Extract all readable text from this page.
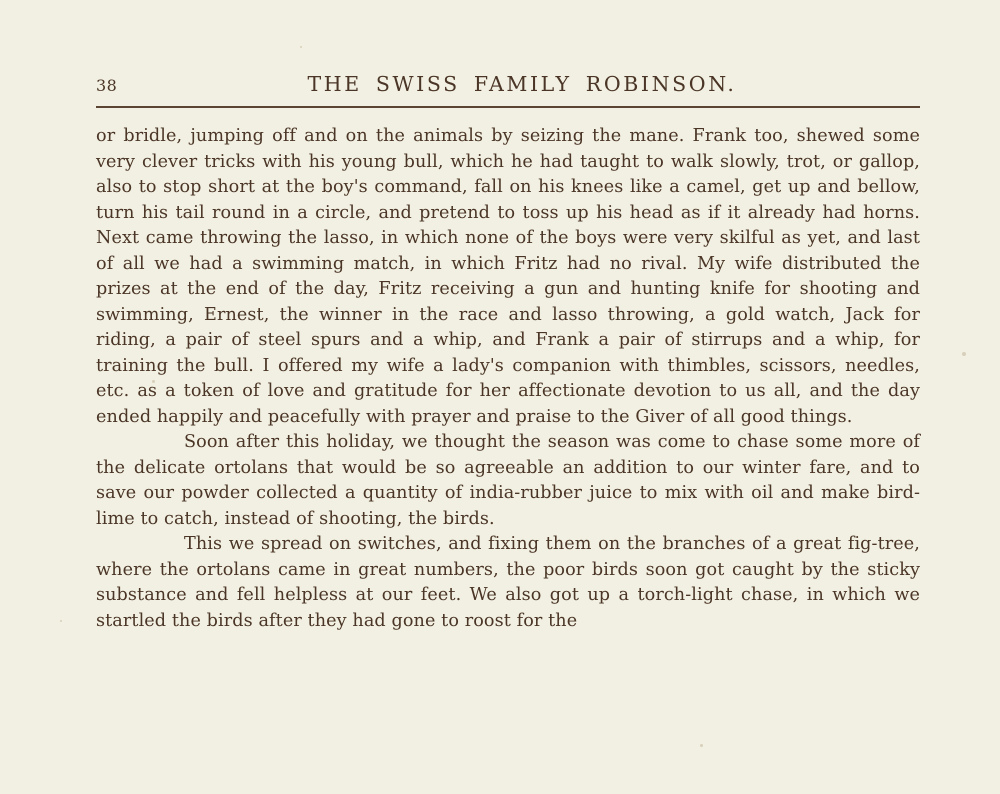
38	THE SWISS FAMILY ROBINSON.

or bridle, jumping off and on the animals by seizing the mane. Frank too, shewed some very clever tricks with his young bull, which he had taught to walk slowly, trot, or gallop, also to stop short at the boy's command, fall on his knees like a camel, get up and bellow, turn his tail round in a circle, and pretend to toss up his head as if it already had horns. Next came throwing the lasso, in which none of the boys were very skilful as yet, and last of all we had a swimming match, in which Fritz had no rival. My wife distributed the prizes at the end of the day, Fritz receiving a gun and hunting knife for shooting and swimming, Ernest, the winner in the race and lasso throwing, a gold watch, Jack for riding, a pair of steel spurs and a whip, and Frank a pair of stirrups and a whip, for training the bull. I offered my wife a lady's companion with thimbles, scissors, needles, etc. as a token of love and gratitude for her affectionate devotion to us all, and the day ended happily and peacefully with prayer and praise to the Giver of all good things.

Soon after this holiday, we thought the season was come to chase some more of the delicate ortolans that would be so agreeable an addition to our winter fare, and to save our powder collected a quantity of india-rubber juice to mix with oil and make bird-lime to catch, instead of shooting, the birds.

This we spread on switches, and fixing them on the branches of a great fig-tree, where the ortolans came in great numbers, the poor birds soon got caught by the sticky substance and fell helpless at our feet. We also got up a torch-light chase, in which we startled the birds after they had gone to roost for the
